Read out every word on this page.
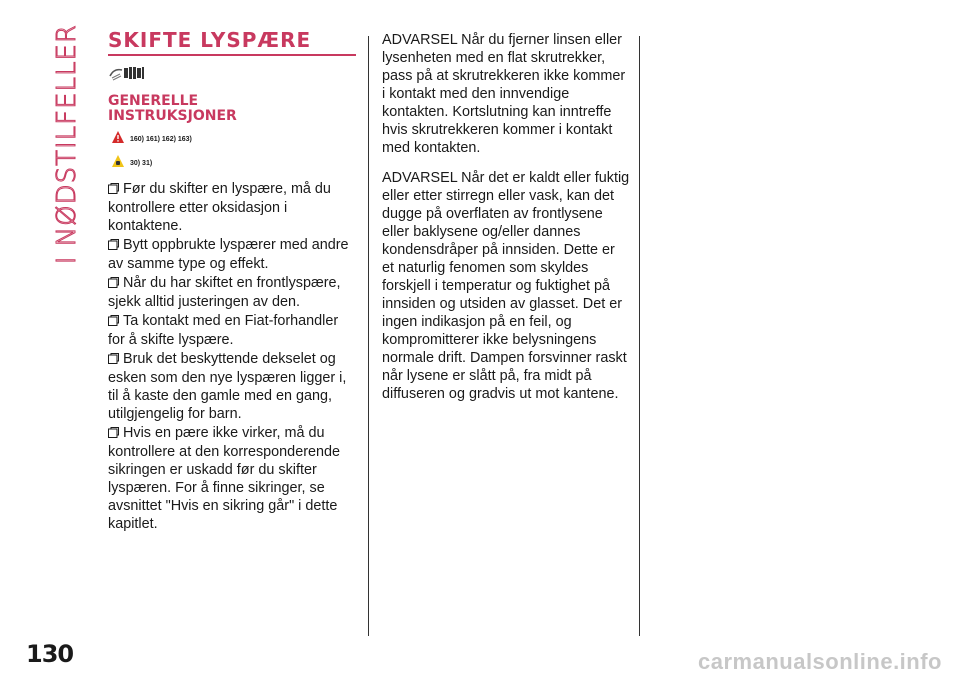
I NØDSTILFELLER SKIFTE LYSPÆRE
GENERELLE INSTRUKSJONER
160) 161) 162) 163)
30) 31)

Før du skifter en lyspære, må du kontrollere etter oksidasjon i kontaktene.

Bytt oppbrukte lyspærer med andre av samme type og effekt.

Når du har skiftet en frontlyspære, sjekk alltid justeringen av den.

Ta kontakt med en Fiat-forhandler for å skifte lyspære.

Bruk det beskyttende dekselet og esken som den nye lyspæren ligger i, til å kaste den gamle med en gang, utilgjengelig for barn.

Hvis en pære ikke virker, må du kontrollere at den korresponderende sikringen er uskadd før du skifter lyspæren. For å finne sikringer, se avsnittet "Hvis en sikring går" i dette kapitlet.

ADVARSEL Når du fjerner linsen eller lysenheten med en flat skrutrekker, pass på at skrutrekkeren ikke kommer i kontakt med den innvendige kontakten. Kortslutning kan inntreffe hvis skrutrekkeren kommer i kontakt med kontakten.

ADVARSEL Når det er kaldt eller fuktig eller etter stirregn eller vask, kan det dugge på overflaten av frontlysene eller baklysene og/eller dannes kondensdråper på innsiden. Dette er et naturlig fenomen som skyldes forskjell i temperatur og fuktighet på innsiden og utsiden av glasset. Det er ingen indikasjon på en feil, og kompromitterer ikke belysningens normale drift. Dampen forsvinner raskt når lysene er slått på, fra midt på diffuseren og gradvis ut mot kantene.

130	carmanualsonline.info
